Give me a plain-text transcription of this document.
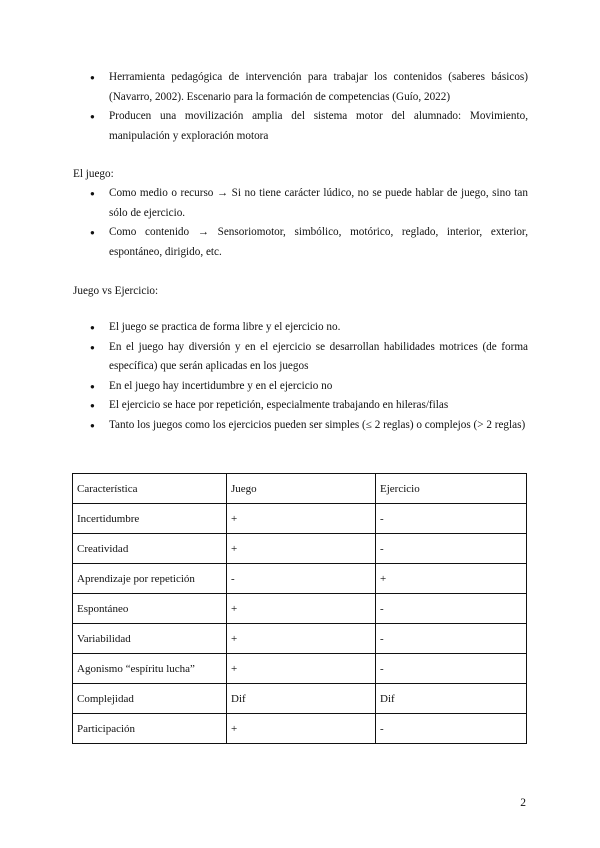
● Herramienta pedagógica de intervención para trabajar los contenidos (saberes básicos) (Navarro, 2002). Escenario para la formación de competencias (Guío, 2022)
● Producen una movilización amplia del sistema motor del alumnado: Movimiento, manipulación y exploración motora
El juego:
● Como medio o recurso → Si no tiene carácter lúdico, no se puede hablar de juego, sino tan sólo de ejercicio.
● Como contenido → Sensoriomotor, simbólico, motórico, reglado, interior, exterior, espontáneo, dirigido, etc.
Juego vs Ejercicio:
● El juego se practica de forma libre y el ejercicio no.
● En el juego hay diversión y en el ejercicio se desarrollan habilidades motrices (de forma específica) que serán aplicadas en los juegos
● En el juego hay incertidumbre y en el ejercicio no
● El ejercicio se hace por repetición, especialmente trabajando en hileras/filas
● Tanto los juegos como los ejercicios pueden ser simples (≤ 2 reglas) o complejos (> 2 reglas)
Característica	Juego	Ejercicio
Incertidumbre	+	-
Creatividad	+	-
Aprendizaje por repetición	-	+
Espontáneo	+	-
Variabilidad	+	-
Agonismo “espíritu lucha”	+	-
Complejidad	Dif	Dif
Participación	+	-
2
